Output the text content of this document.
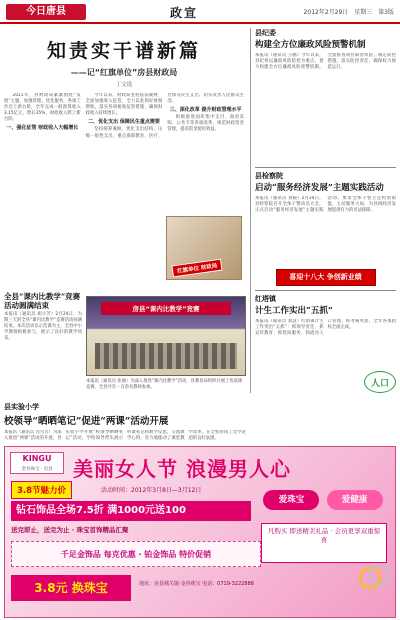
今日唐县	政宣	2012年2月29日 星期三 第3版
知责实干谱新篇
——记“红旗单位”房县财政局
丁文选

2011年，县财政局紧紧围绕“发展”主题，加强管理，优化服务，各项工作迈上新台阶，全年完成一般预算收入3.15亿元，增长35%，财政收入跨上新台阶。

一、强化征管 财政收入大幅增长

今年以来，财政局坚持依法聚财，全面加强收入征管，全力以赴抓好财税增收，落实各项税收征管措施，确保财政收入持续增长。

二、优化支出 保障民生重点需要

坚持统筹兼顾，优化支出结构，压缩一般性支出，重点保障教育、医疗、社保等民生支出，切实改善人民群众生活。

三、深化改革 提升财政管理水平

积极推进国库集中支付、政府采购、公务卡等各项改革，规范财政资金管理，提高资金使用效益。

红旗单位 财政局
全县“课内比教学”竞赛活动圆满结束
本报讯（通讯员 胡小芳）2月24日，为期三天的全县“课内比教学”竞赛活动圆满结束。本次活动以示范课为主，全县中小学教师积极参与，展示了良好的教学风采。
房县“课内比教学”竞赛
本报讯（通讯员 张丽）为深入推进“课内比教学”活动，县教育局组织开展了优质课竞赛，全县共有一百余名教师参加。
县实验小学
校领导“晒晒笔记”促进“两课”活动开展
本报讯（通讯员 肖雪芳）为深入推进“两课”活动的开展，县实验小学开展“校领导晒晒笔记”活动，学校领导带头展示听课笔记和教学反思，交流教学心得，有力地推动了课堂教学改革，在全校形成了比学赶超的良好氛围。
县纪委
构建全方位廉政风险预警机制
本报讯（通讯员 王鹏）今年以来，县纪委以廉政风险防控为重点，着力构建全方位廉政风险预警机制。全面排查岗位职责风险，制定防控措施，落实防控责任，确保权力规范运行。
县检察院
启动“服务经济发展”主题实践活动
本报讯（通讯员 刘振）2月24日，县检察院召开全体干警动员大会，正式启动“服务经济发展”主题实践活动。要求全体干警立足检察职能，主动服务大局，为县域经济发展提供有力的司法保障。
喜迎十八大 争创新业绩
红塔镇
计生工作实出“五抓”
本报讯（通讯员 刘慧）红塔镇计生工作突出“五抓”：抓领导责任、抓宣传教育、抓优质服务、抓流动人口管理、抓考核奖惩，全年各项指标全面完成。
人口
KINGU
金谷珠宝 · 房县	美丽女人节 浪漫男人心
3.8节魅力价	活动时间：2012年3月8日—3月12日
钻石饰品全场7.5折 满1000元送100
送完即止，送完为止 · 珠宝首饰精品汇聚
千足金饰品 每克优惠 · 铂金饰品 特价促销
3.8元 换珠宝
爱珠宝	爱健康
凡购买 即送精美礼品 · 会员更享双重惊喜
地址：房县城关镇·金谷珠宝 电话：0719-3222888
